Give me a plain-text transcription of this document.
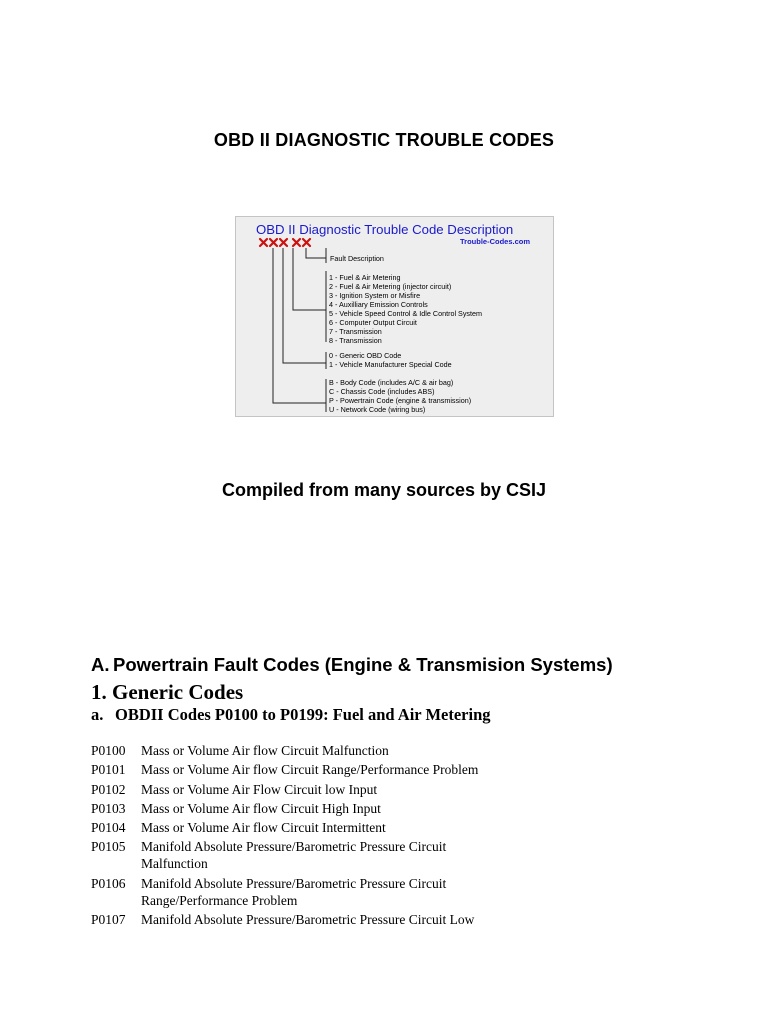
OBD II DIAGNOSTIC TROUBLE CODES
OBD II Diagnostic Trouble Code Description
Trouble-Codes.com
Fault Description
1 - Fuel & Air Metering
2 - Fuel & Air Metering (injector circuit)
3 - Ignition System or Misfire
4 - Auxilliary Emission Controls
5 - Vehicle Speed Control & Idle Control System
6 - Computer Output Circuit
7 - Transmission
8 - Transmission
0 - Generic OBD Code
1 - Vehicle Manufacturer Special Code
B - Body Code (includes A/C & air bag)
C - Chassis Code (includes ABS)
P - Powertrain Code (engine & transmission)
U - Network Code (wiring bus)
Compiled from many sources by CSIJ
A. Powertrain Fault Codes (Engine & Transmision Systems)
1. Generic Codes
a. OBDII Codes P0100 to P0199: Fuel and Air Metering
P0100	Mass or Volume Air flow Circuit Malfunction
P0101	Mass or Volume Air flow Circuit Range/Performance Problem
P0102	Mass or Volume Air Flow Circuit low Input
P0103	Mass or Volume Air flow Circuit High Input
P0104	Mass or Volume Air flow Circuit Intermittent
P0105	Manifold Absolute Pressure/Barometric Pressure Circuit Malfunction
P0106	Manifold Absolute Pressure/Barometric Pressure Circuit Range/Performance Problem
P0107	Manifold Absolute Pressure/Barometric Pressure Circuit Low
